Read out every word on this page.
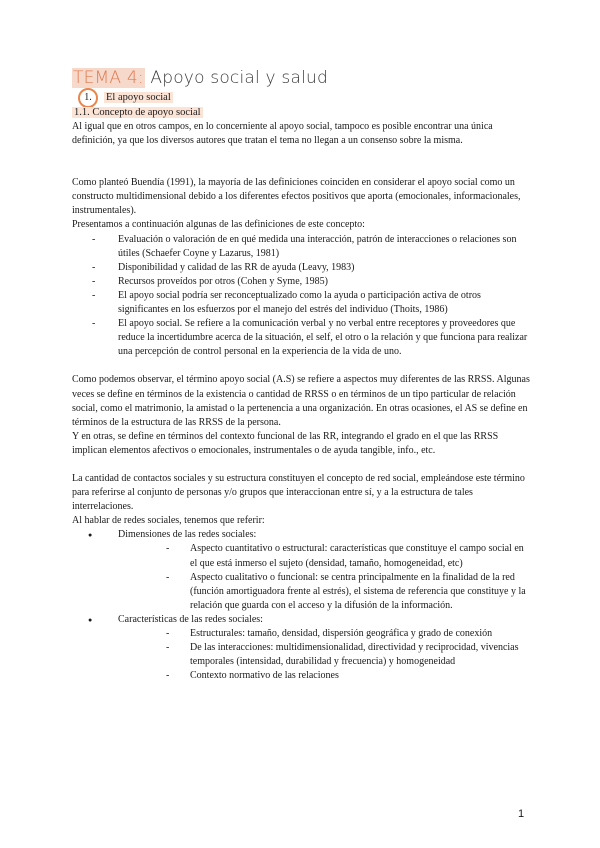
TEMA 4: Apoyo social y salud
1. El apoyo social
1.1. Concepto de apoyo social

Al igual que en otros campos, en lo concerniente al apoyo social, tampoco es posible encontrar una única definición, ya que los diversos autores que tratan el tema no llegan a un consenso sobre la misma.

Como planteó Buendía (1991), la mayoría de las definiciones coinciden en considerar el apoyo social como un constructo multidimensional debido a los diferentes efectos positivos que aporta (emocionales, informacionales, instrumentales).

Presentamos a continuación algunas de las definiciones de este concepto:

- Evaluación o valoración de en qué medida una interacción, patrón de interacciones o relaciones son útiles (Schaefer Coyne y Lazarus, 1981)
- Disponibilidad y calidad de las RR de ayuda (Leavy, 1983)
- Recursos proveídos por otros (Cohen y Syme, 1985)
- El apoyo social podría ser reconceptualizado como la ayuda o participación activa de otros significantes en los esfuerzos por el manejo del estrés del individuo (Thoits, 1986)
- El apoyo social. Se refiere a la comunicación verbal y no verbal entre receptores y proveedores que reduce la incertidumbre acerca de la situación, el self, el otro o la relación y que funciona para realizar una percepción de control personal en la experiencia de la vida de uno.

Como podemos observar, el término apoyo social (A.S) se refiere a aspectos muy diferentes de las RRSS. Algunas veces se define en términos de la existencia o cantidad de RRSS o en términos de un tipo particular de relación social, como el matrimonio, la amistad o la pertenencia a una organización. En otras ocasiones, el AS se define en términos de la estructura de las RRSS de la persona.

Y en otras, se define en términos del contexto funcional de las RR, integrando el grado en el que las RRSS implican elementos afectivos o emocionales, instrumentales o de ayuda tangible, info., etc.

La cantidad de contactos sociales y su estructura constituyen el concepto de red social, empleándose este término para referirse al conjunto de personas y/o grupos que interaccionan entre sí, y a la estructura de tales interrelaciones.

Al hablar de redes sociales, tenemos que referir:

● Dimensiones de las redes sociales:
- Aspecto cuantitativo o estructural: características que constituye el campo social en el que está inmerso el sujeto (densidad, tamaño, homogeneidad, etc)
- Aspecto cualitativo o funcional: se centra principalmente en la finalidad de la red (función amortiguadora frente al estrés), el sistema de referencia que constituye y la relación que guarda con el acceso y la difusión de la información.
● Características de las redes sociales:
- Estructurales: tamaño, densidad, dispersión geográfica y grado de conexión
- De las interacciones: multidimensionalidad, directividad y reciprocidad, vivencias temporales (intensidad, durabilidad y frecuencia) y homogeneidad
- Contexto normativo de las relaciones
1
